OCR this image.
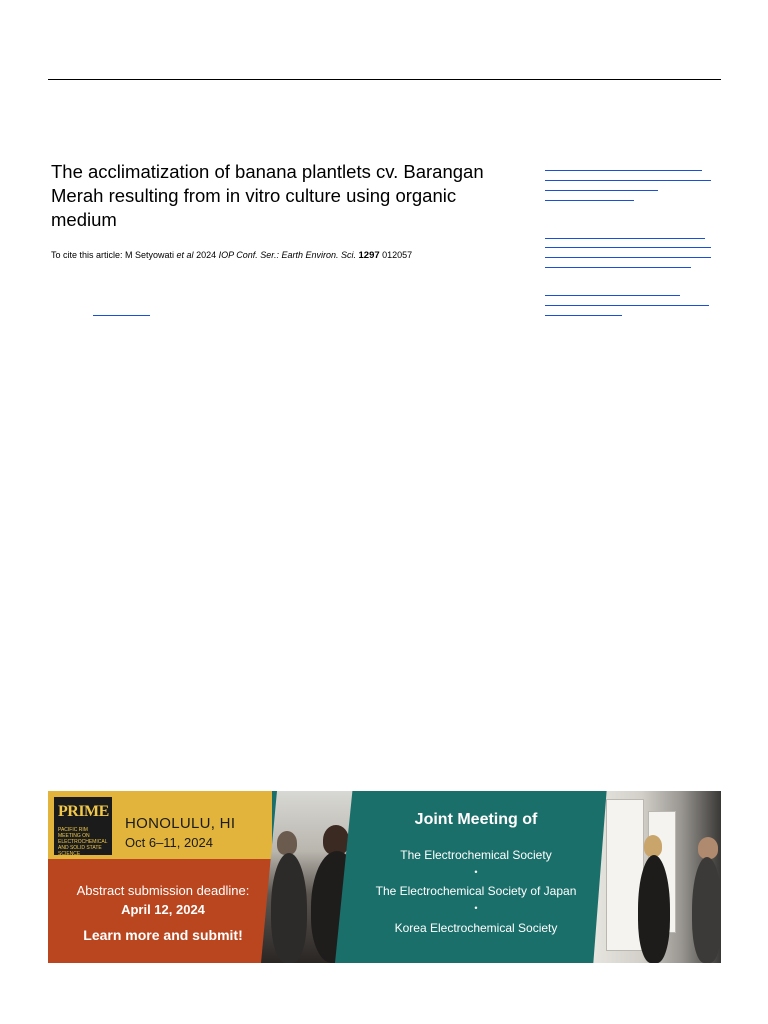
The acclimatization of banana plantlets cv. Barangan Merah resulting from in vitro culture using organic medium
To cite this article: M Setyowati et al 2024 IOP Conf. Ser.: Earth Environ. Sci. 1297 012057
PRIME
PACIFIC RIM MEETING ON ELECTROCHEMICAL AND SOLID STATE SCIENCE
HONOLULU, HI
Oct 6–11, 2024
Abstract submission deadline:
April 12, 2024
Learn more and submit!
Joint Meeting of
The Electrochemical Society
•
The Electrochemical Society of Japan
•
Korea Electrochemical Society
